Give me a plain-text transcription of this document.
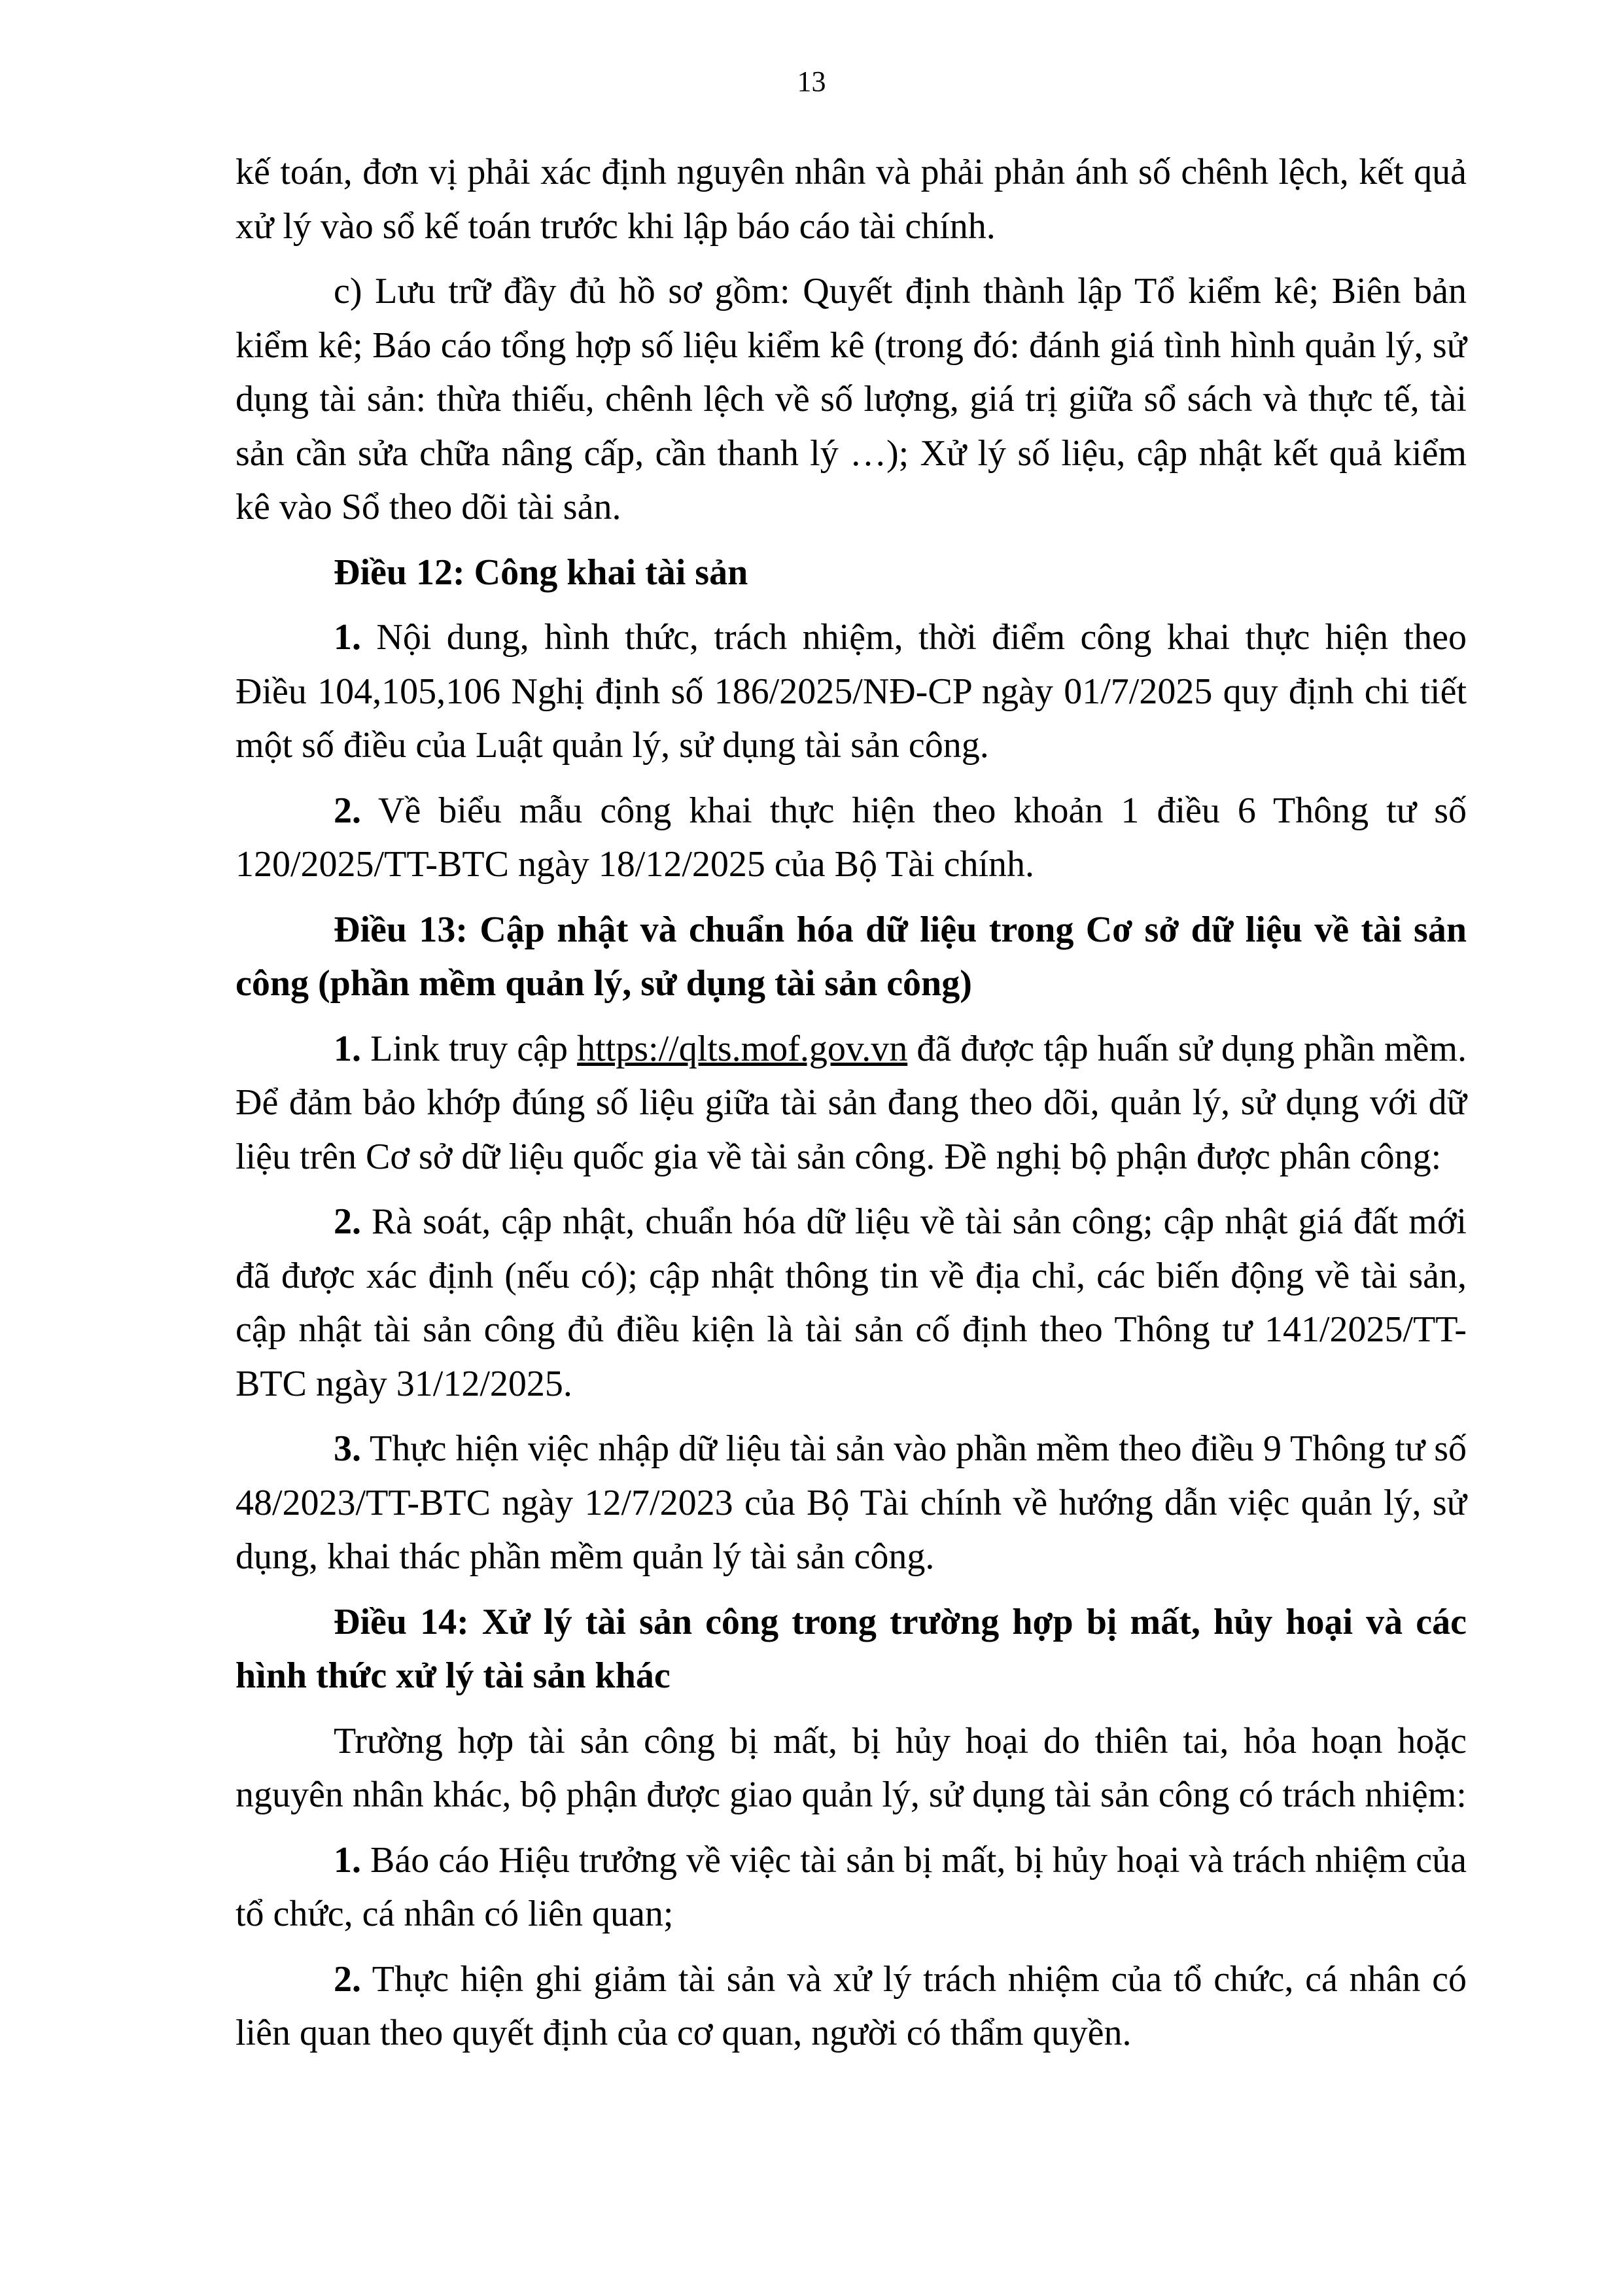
13

kế toán, đơn vị phải xác định nguyên nhân và phải phản ánh số chênh lệch, kết quả xử lý vào sổ kế toán trước khi lập báo cáo tài chính.

c) Lưu trữ đầy đủ hồ sơ gồm: Quyết định thành lập Tổ kiểm kê; Biên bản kiểm kê; Báo cáo tổng hợp số liệu kiểm kê (trong đó: đánh giá tình hình quản lý, sử dụng tài sản: thừa thiếu, chênh lệch về số lượng, giá trị giữa sổ sách và thực tế, tài sản cần sửa chữa nâng cấp, cần thanh lý …); Xử lý số liệu, cập nhật kết quả kiểm kê vào Sổ theo dõi tài sản.

Điều 12: Công khai tài sản

1. Nội dung, hình thức, trách nhiệm, thời điểm công khai thực hiện theo Điều 104,105,106 Nghị định số 186/2025/NĐ-CP ngày 01/7/2025 quy định chi tiết một số điều của Luật quản lý, sử dụng tài sản công.

2. Về biểu mẫu công khai thực hiện theo khoản 1 điều 6 Thông tư số 120/2025/TT-BTC ngày 18/12/2025 của Bộ Tài chính.

Điều 13: Cập nhật và chuẩn hóa dữ liệu trong Cơ sở dữ liệu về tài sản công (phần mềm quản lý, sử dụng tài sản công)

1. Link truy cập https://qlts.mof.gov.vn đã được tập huấn sử dụng phần mềm. Để đảm bảo khớp đúng số liệu giữa tài sản đang theo dõi, quản lý, sử dụng với dữ liệu trên Cơ sở dữ liệu quốc gia về tài sản công. Đề nghị bộ phận được phân công:

2. Rà soát, cập nhật, chuẩn hóa dữ liệu về tài sản công; cập nhật giá đất mới đã được xác định (nếu có); cập nhật thông tin về địa chỉ, các biến động về tài sản, cập nhật tài sản công đủ điều kiện là tài sản cố định theo Thông tư 141/2025/TT-BTC ngày 31/12/2025.

3. Thực hiện việc nhập dữ liệu tài sản vào phần mềm theo điều 9 Thông tư số 48/2023/TT-BTC ngày 12/7/2023 của Bộ Tài chính về hướng dẫn việc quản lý, sử dụng, khai thác phần mềm quản lý tài sản công.

Điều 14: Xử lý tài sản công trong trường hợp bị mất, hủy hoại và các hình thức xử lý tài sản khác

Trường hợp tài sản công bị mất, bị hủy hoại do thiên tai, hỏa hoạn hoặc nguyên nhân khác, bộ phận được giao quản lý, sử dụng tài sản công có trách nhiệm:

1. Báo cáo Hiệu trưởng về việc tài sản bị mất, bị hủy hoại và trách nhiệm của tổ chức, cá nhân có liên quan;

2. Thực hiện ghi giảm tài sản và xử lý trách nhiệm của tổ chức, cá nhân có liên quan theo quyết định của cơ quan, người có thẩm quyền.
